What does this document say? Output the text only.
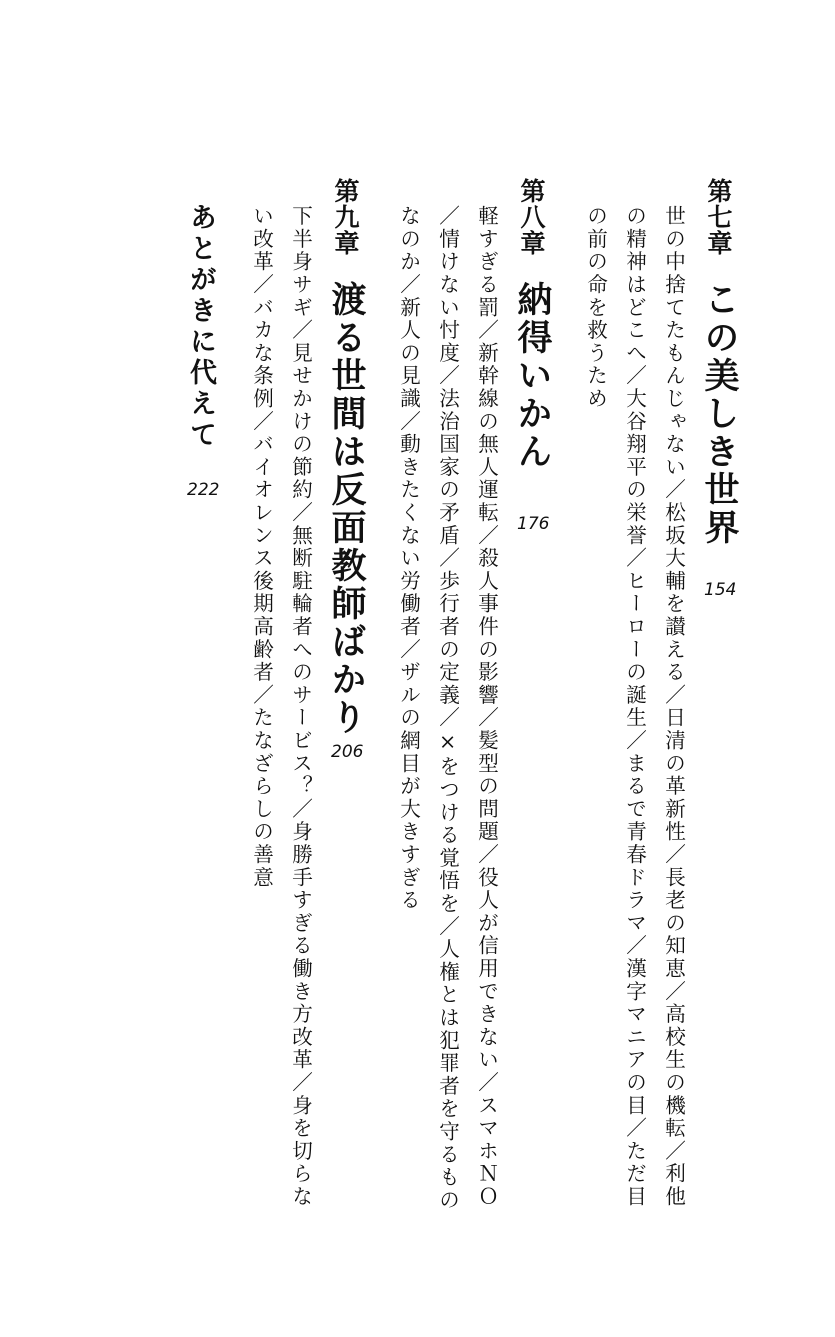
第七章
この美しき世界
154
世の中捨てたもんじゃない／松坂大輔を讃える／日清の革新性／長老の知恵／高校生の機転／利他
の精神はどこへ／大谷翔平の栄誉／ヒーローの誕生／まるで青春ドラマ／漢字マニアの目／ただ目
の前の命を救うため
第八章
納得いかん
176
軽すぎる罰／新幹線の無人運転／殺人事件の影響／髪型の問題／役人が信用できない／スマホＮＯ
／情けない忖度／法治国家の矛盾／歩行者の定義／×をつける覚悟を／人権とは犯罪者を守るもの
なのか／新人の見識／動きたくない労働者／ザルの網目が大きすぎる
第九章
渡る世間は反面教師ばかり
206
下半身サギ／見せかけの節約／無断駐輪者へのサービス？／身勝手すぎる働き方改革／身を切らな
い改革／バカな条例／バイオレンス後期高齢者／たなざらしの善意
あとがきに代えて
222
